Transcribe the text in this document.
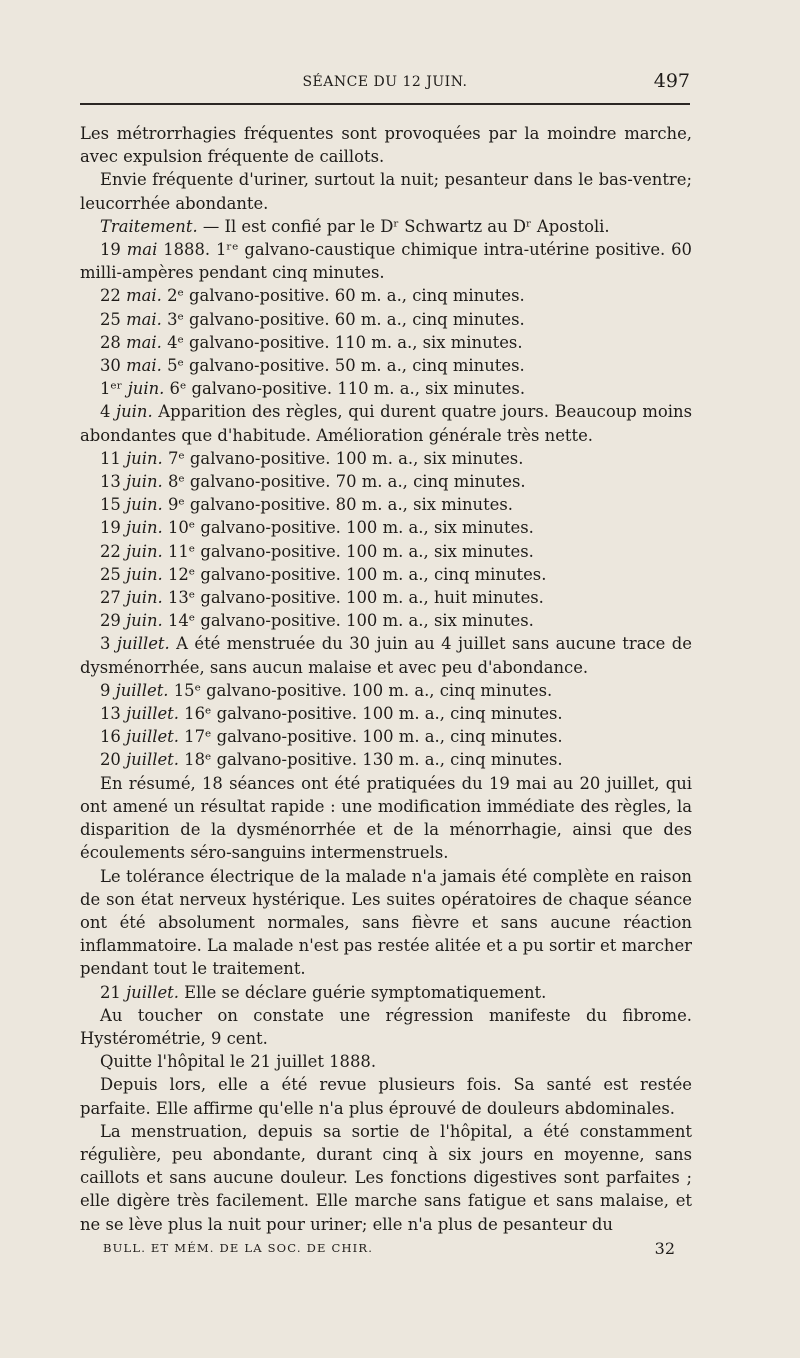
SÉANCE DU 12 JUIN.	497

Les métrorrhagies fréquentes sont provoquées par la moindre marche, avec expulsion fréquente de caillots.

Envie fréquente d'uriner, surtout la nuit; pesanteur dans le bas-ventre; leucorrhée abondante.

Traitement. — Il est confié par le Dʳ Schwartz au Dʳ Apostoli.

19 mai 1888. 1ʳᵉ galvano-caustique chimique intra-utérine positive. 60 milli-ampères pendant cinq minutes.

22 mai. 2ᵉ galvano-positive. 60 m. a., cinq minutes.

25 mai. 3ᵉ galvano-positive. 60 m. a., cinq minutes.

28 mai. 4ᵉ galvano-positive. 110 m. a., six minutes.

30 mai. 5ᵉ galvano-positive. 50 m. a., cinq minutes.

1ᵉʳ juin. 6ᵉ galvano-positive. 110 m. a., six minutes.

4 juin. Apparition des règles, qui durent quatre jours. Beaucoup moins abondantes que d'habitude. Amélioration générale très nette.

11 juin. 7ᵉ galvano-positive. 100 m. a., six minutes.

13 juin. 8ᵉ galvano-positive. 70 m. a., cinq minutes.

15 juin. 9ᵉ galvano-positive. 80 m. a., six minutes.

19 juin. 10ᵉ galvano-positive. 100 m. a., six minutes.

22 juin. 11ᵉ galvano-positive. 100 m. a., six minutes.

25 juin. 12ᵉ galvano-positive. 100 m. a., cinq minutes.

27 juin. 13ᵉ galvano-positive. 100 m. a., huit minutes.

29 juin. 14ᵉ galvano-positive. 100 m. a., six minutes.

3 juillet. A été menstruée du 30 juin au 4 juillet sans aucune trace de dysménorrhée, sans aucun malaise et avec peu d'abondance.

9 juillet. 15ᵉ galvano-positive. 100 m. a., cinq minutes.

13 juillet. 16ᵉ galvano-positive. 100 m. a., cinq minutes.

16 juillet. 17ᵉ galvano-positive. 100 m. a., cinq minutes.

20 juillet. 18ᵉ galvano-positive. 130 m. a., cinq minutes.

En résumé, 18 séances ont été pratiquées du 19 mai au 20 juillet, qui ont amené un résultat rapide : une modification immédiate des règles, la disparition de la dysménorrhée et de la ménorrhagie, ainsi que des écoulements séro-sanguins intermenstruels.

Le tolérance électrique de la malade n'a jamais été complète en raison de son état nerveux hystérique. Les suites opératoires de chaque séance ont été absolument normales, sans fièvre et sans aucune réaction inflammatoire. La malade n'est pas restée alitée et a pu sortir et marcher pendant tout le traitement.

21 juillet. Elle se déclare guérie symptomatiquement.

Au toucher on constate une régression manifeste du fibrome. Hystérométrie, 9 cent.

Quitte l'hôpital le 21 juillet 1888.

Depuis lors, elle a été revue plusieurs fois. Sa santé est restée parfaite. Elle affirme qu'elle n'a plus éprouvé de douleurs abdominales.

La menstruation, depuis sa sortie de l'hôpital, a été constamment régulière, peu abondante, durant cinq à six jours en moyenne, sans caillots et sans aucune douleur. Les fonctions digestives sont parfaites ; elle digère très facilement. Elle marche sans fatigue et sans malaise, et ne se lève plus la nuit pour uriner; elle n'a plus de pesanteur du

BULL. ET MÉM. DE LA SOC. DE CHIR.	32
